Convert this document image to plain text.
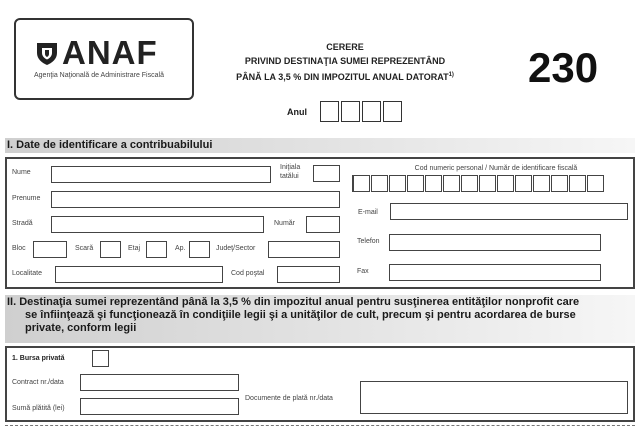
ANAF
Agenţia Naţională de Administrare Fiscală
CERERE
PRIVIND DESTINAŢIA SUMEI REPREZENTÂND
PÂNĂ LA 3,5 % DIN IMPOZITUL ANUAL DATORAT$^{1)}$	230
Anul
I. Date de identificare a contribuabilului
Nume
Iniţiala
tatălui
Prenume
Stradă	Număr
Bloc	Scară	Etaj	Ap.	Judeţ/Sector
Localitate	Cod poştal
Cod numeric personal / Număr de identificare fiscală
E-mail
Telefon
Fax
II. Destinaţia sumei reprezentând până la 3,5 % din impozitul anual pentru susţinerea entităţilor nonprofit care
se înfiinţează şi funcţionează în condiţiile legii şi a unităţilor de cult, precum şi pentru acordarea de burse
private, conform legii
1. Bursa privată
Contract nr./data
Sumă plătită (lei)
Documente de plată nr./data
